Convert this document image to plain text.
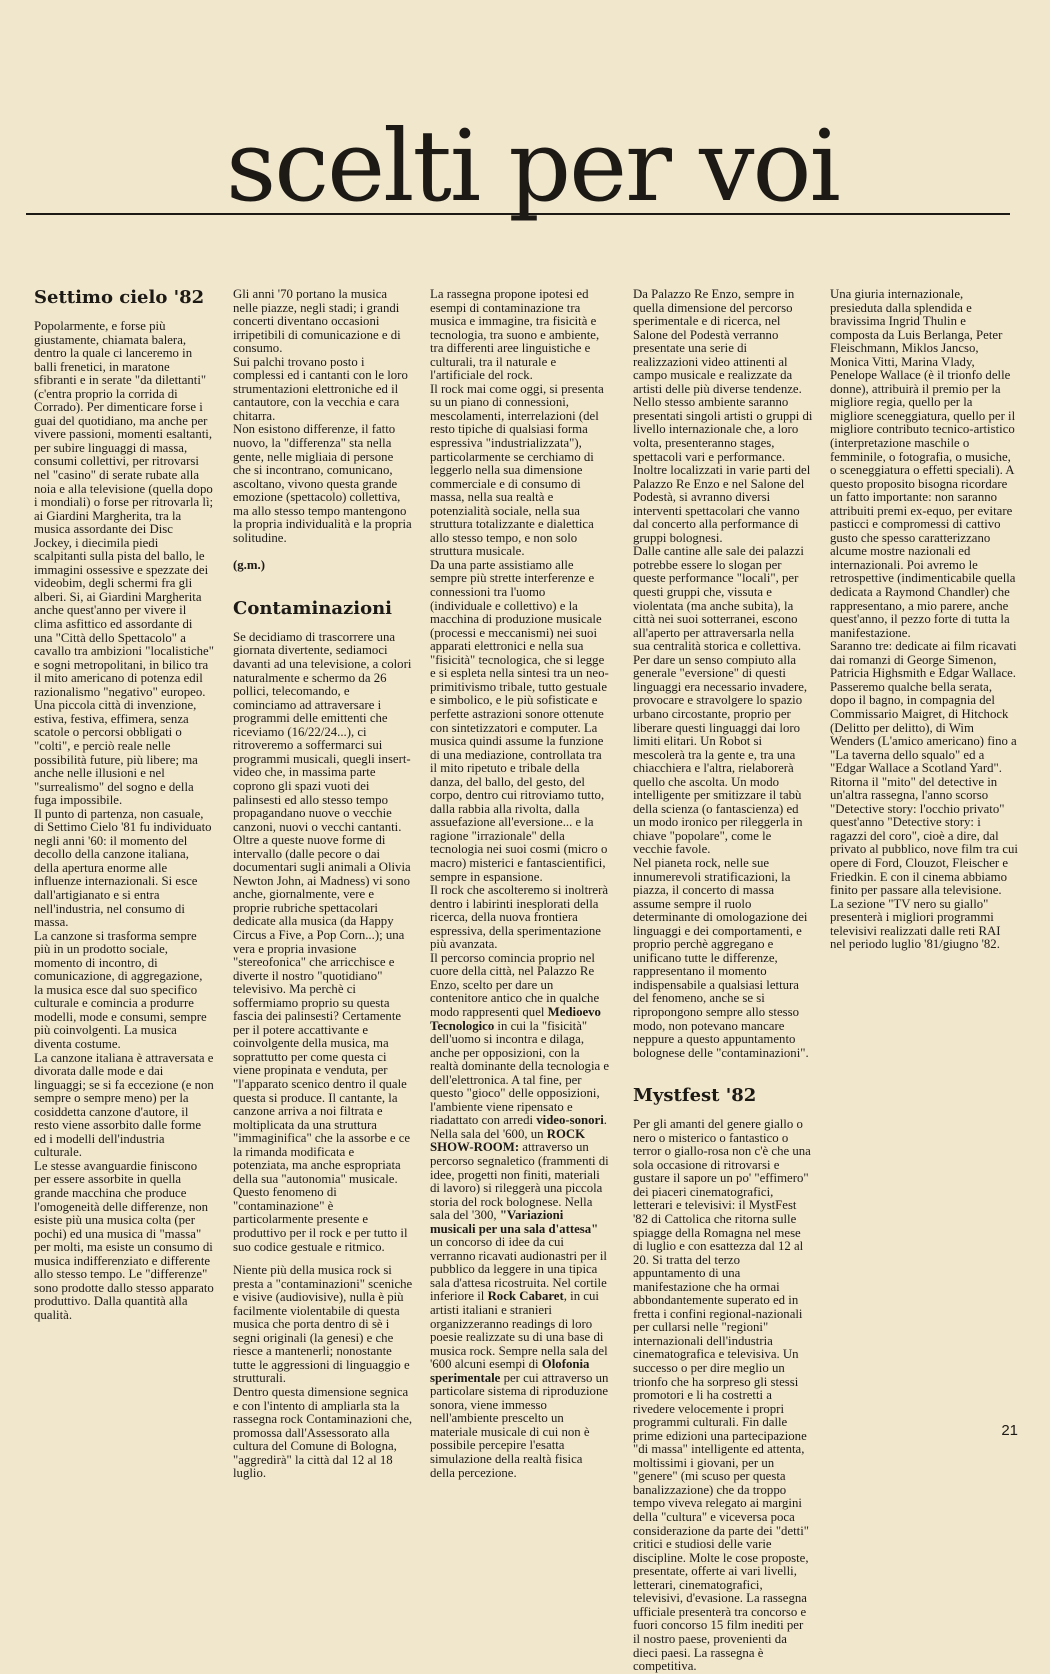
scelti per voi
Settimo cielo '82

Popolarmente, e forse più giustamente, chiamata balera, dentro la quale ci lanceremo in balli frenetici, in maratone sfibranti e in serate "da dilettanti" (c'entra proprio la corrida di Corrado). Per dimenticare forse i guai del quotidiano, ma anche per vivere passioni, momenti esaltanti, per subire linguaggi di massa, consumi collettivi, per ritrovarsi nel "casino" di serate rubate alla noia e alla televisione (quella dopo i mondiali) o forse per ritrovarla lì; ai Giardini Margherita, tra la musica assordante dei Disc Jockey, i diecimila piedi scalpitanti sulla pista del ballo, le immagini ossessive e spezzate dei videobim, degli schermi fra gli alberi. Si, ai Giardini Margherita anche quest'anno per vivere il clima asfittico ed assordante di una "Città dello Spettacolo" a cavallo tra ambizioni "localistiche" e sogni metropolitani, in bilico tra il mito americano di potenza edil razionalismo "negativo" europeo.

Una piccola città di invenzione, estiva, festiva, effimera, senza scatole o percorsi obbligati o "colti", e perciò reale nelle possibilità future, più libere; ma anche nelle illusioni e nel "surrealismo" del sogno e della fuga impossibile.

Il punto di partenza, non casuale, di Settimo Cielo '81 fu individuato negli anni '60: il momento del decollo della canzone italiana, della apertura enorme alle influenze internazionali. Si esce dall'artigianato e si entra nell'industria, nel consumo di massa.

La canzone si trasforma sempre più in un prodotto sociale, momento di incontro, di comunicazione, di aggregazione, la musica esce dal suo specifico culturale e comincia a produrre modelli, mode e consumi, sempre più coinvolgenti. La musica diventa costume.

La canzone italiana è attraversata e divorata dalle mode e dai linguaggi; se si fa eccezione (e non sempre o sempre meno) per la cosiddetta canzone d'autore, il resto viene assorbito dalle forme ed i modelli dell'industria culturale.

Le stesse avanguardie finiscono per essere assorbite in quella grande macchina che produce l'omogeneità delle differenze, non esiste più una musica colta (per pochi) ed una musica di "massa" per molti, ma esiste un consumo di musica indifferenziato e differente allo stesso tempo. Le "differenze" sono prodotte dallo stesso apparato produttivo. Dalla quantità alla qualità.

Gli anni '70 portano la musica nelle piazze, negli stadi; i grandi concerti diventano occasioni irripetibili di comunicazione e di consumo.

Sui palchi trovano posto i complessi ed i cantanti con le loro strumentazioni elettroniche ed il cantautore, con la vecchia e cara chitarra.

Non esistono differenze, il fatto nuovo, la "differenza" sta nella gente, nelle migliaia di persone che si incontrano, comunicano, ascoltano, vivono questa grande emozione (spettacolo) collettiva, ma allo stesso tempo mantengono la propria individualità e la propria solitudine.

(g.m.)

Contaminazioni

Se decidiamo di trascorrere una giornata divertente, sediamoci davanti ad una televisione, a colori naturalmente e schermo da 26 pollici, telecomando, e cominciamo ad attraversare i programmi delle emittenti che riceviamo (16/22/24...), ci ritroveremo a soffermarci sui programmi musicali, quegli insert-video che, in massima parte coprono gli spazi vuoti dei palinsesti ed allo stesso tempo propagandano nuove o vecchie canzoni, nuovi o vecchi cantanti.

Oltre a queste nuove forme di intervallo (dalle pecore o dai documentari sugli animali a Olivia Newton John, ai Madness) vi sono anche, giornalmente, vere e proprie rubriche spettacolari dedicate alla musica (da Happy Circus a Five, a Pop Corn...); una vera e propria invasione "stereofonica" che arricchisce e diverte il nostro "quotidiano" televisivo. Ma perchè ci soffermiamo proprio su questa fascia dei palinsesti? Certamente per il potere accattivante e coinvolgente della musica, ma soprattutto per come questa ci viene propinata e venduta, per "l'apparato scenico dentro il quale questa si produce. Il cantante, la canzone arriva a noi filtrata e moltiplicata da una struttura "immaginifica" che la assorbe e ce la rimanda modificata e potenziata, ma anche espropriata della sua "autonomia" musicale.

Questo fenomeno di "contaminazione" è particolarmente presente e produttivo per il rock e per tutto il suo codice gestuale e ritmico.

Niente più della musica rock si presta a "contaminazioni" sceniche e visive (audiovisive), nulla è più facilmente violentabile di questa musica che porta dentro di sè i segni originali (la genesi) e che riesce a mantenerli; nonostante tutte le aggressioni di linguaggio e strutturali.

Dentro questa dimensione segnica e con l'intento di ampliarla sta la rassegna rock Contaminazioni che, promossa dall'Assessorato alla cultura del Comune di Bologna, "aggredirà" la città dal 12 al 18 luglio.

La rassegna propone ipotesi ed esempi di contaminazione tra musica e immagine, tra fisicità e tecnologia, tra suono e ambiente, tra differenti aree linguistiche e culturali, tra il naturale e l'artificiale del rock.

Il rock mai come oggi, si presenta su un piano di connessioni, mescolamenti, interrelazioni (del resto tipiche di qualsiasi forma espressiva "industrializzata"), particolarmente se cerchiamo di leggerlo nella sua dimensione commerciale e di consumo di massa, nella sua realtà e potenzialità sociale, nella sua struttura totalizzante e dialettica allo stesso tempo, e non solo struttura musicale.

Da una parte assistiamo alle sempre più strette interferenze e connessioni tra l'uomo (individuale e collettivo) e la macchina di produzione musicale (processi e meccanismi) nei suoi apparati elettronici e nella sua "fisicità" tecnologica, che si legge e si espleta nella sintesi tra un neo-primitivismo tribale, tutto gestuale e simbolico, e le più sofisticate e perfette astrazioni sonore ottenute con sintetizzatori e computer. La musica quindi assume la funzione di una mediazione, controllata tra il mito ripetuto e tribale della danza, del ballo, del gesto, del corpo, dentro cui ritroviamo tutto, dalla rabbia alla rivolta, dalla assuefazione all'eversione... e la ragione "irrazionale" della tecnologia nei suoi cosmi (micro o macro) misterici e fantascientifici, sempre in espansione.

Il rock che ascolteremo si inoltrerà dentro i labirinti inesplorati della ricerca, della nuova frontiera espressiva, della sperimentazione più avanzata.

Il percorso comincia proprio nel cuore della città, nel Palazzo Re Enzo, scelto per dare un contenitore antico che in qualche modo rappresenti quel Medioevo Tecnologico in cui la "fisicità" dell'uomo si incontra e dilaga, anche per opposizioni, con la realtà dominante della tecnologia e dell'elettronica. A tal fine, per questo "gioco" delle opposizioni, l'ambiente viene ripensato e riadattato con arredi video-sonori. Nella sala del '600, un ROCK SHOW-ROOM: attraverso un percorso segnaletico (frammenti di idee, progetti non finiti, materiali di lavoro) si rileggerà una piccola storia del rock bolognese. Nella sala del '300, "Variazioni musicali per una sala d'attesa" un concorso di idee da cui verranno ricavati audionastri per il pubblico da leggere in una tipica sala d'attesa ricostruita. Nel cortile inferiore il Rock Cabaret, in cui artisti italiani e stranieri organizzeranno readings di loro poesie realizzate su di una base di musica rock. Sempre nella sala del '600 alcuni esempi di Olofonia sperimentale per cui attraverso un particolare sistema di riproduzione sonora, viene immesso nell'ambiente prescelto un materiale musicale di cui non è possibile percepire l'esatta simulazione della realtà fisica della percezione.

Da Palazzo Re Enzo, sempre in quella dimensione del percorso sperimentale e di ricerca, nel Salone del Podestà verranno presentate una serie di realizzazioni video attinenti al campo musicale e realizzate da artisti delle più diverse tendenze.

Nello stesso ambiente saranno presentati singoli artisti o gruppi di livello internazionale che, a loro volta, presenteranno stages, spettacoli vari e performance.

Inoltre localizzati in varie parti del Palazzo Re Enzo e nel Salone del Podestà, si avranno diversi interventi spettacolari che vanno dal concerto alla performance di gruppi bolognesi.

Dalle cantine alle sale dei palazzi potrebbe essere lo slogan per queste performance "locali", per questi gruppi che, vissuta e violentata (ma anche subita), la città nei suoi sotterranei, escono all'aperto per attraversarla nella sua centralità storica e collettiva.

Per dare un senso compiuto alla generale "eversione" di questi linguaggi era necessario invadere, provocare e stravolgere lo spazio urbano circostante, proprio per liberare questi linguaggi dai loro limiti elitari. Un Robot si mescolerà tra la gente e, tra una chiacchiera e l'altra, rielaborerà quello che ascolta. Un modo intelligente per smitizzare il tabù della scienza (o fantascienza) ed un modo ironico per rileggerla in chiave "popolare", come le vecchie favole.

Nel pianeta rock, nelle sue innumerevoli stratificazioni, la piazza, il concerto di massa assume sempre il ruolo determinante di omologazione dei linguaggi e dei comportamenti, e proprio perchè aggregano e unificano tutte le differenze, rappresentano il momento indispensabile a qualsiasi lettura del fenomeno, anche se si ripropongono sempre allo stesso modo, non potevano mancare neppure a questo appuntamento bolognese delle "contaminazioni".

Mystfest '82

Per gli amanti del genere giallo o nero o misterico o fantastico o terror o giallo-rosa non c'è che una sola occasione di ritrovarsi e gustare il sapore un po' "effimero" dei piaceri cinematografici, letterari e televisivi: il MystFest '82 di Cattolica che ritorna sulle spiagge della Romagna nel mese di luglio e con esattezza dal 12 al 20. Si tratta del terzo appuntamento di una manifestazione che ha ormai abbondantemente superato ed in fretta i confini regional-nazionali per cullarsi nelle "regioni" internazionali dell'industria cinematografica e televisiva. Un successo o per dire meglio un trionfo che ha sorpreso gli stessi promotori e li ha costretti a rivedere velocemente i propri programmi culturali. Fin dalle prime edizioni una partecipazione "di massa" intelligente ed attenta, moltissimi i giovani, per un "genere" (mi scuso per questa banalizzazione) che da troppo tempo viveva relegato ai margini della "cultura" e viceversa poca considerazione da parte dei "detti" critici e studiosi delle varie discipline. Molte le cose proposte, presentate, offerte ai vari livelli, letterari, cinematografici, televisivi, d'evasione. La rassegna ufficiale presenterà tra concorso e fuori concorso 15 film inediti per il nostro paese, provenienti da dieci paesi. La rassegna è competitiva.

Una giuria internazionale, presieduta dalla splendida e bravissima Ingrid Thulin e composta da Luis Berlanga, Peter Fleischmann, Miklos Jancso, Monica Vitti, Marina Vlady, Penelope Wallace (è il trionfo delle donne), attribuirà il premio per la migliore regia, quello per la migliore sceneggiatura, quello per il migliore contributo tecnico-artistico (interpretazione maschile o femminile, o fotografia, o musiche, o sceneggiatura o effetti speciali). A questo proposito bisogna ricordare un fatto importante: non saranno attribuiti premi ex-equo, per evitare pasticci e compromessi di cattivo gusto che spesso caratterizzano alcume mostre nazionali ed internazionali. Poi avremo le retrospettive (indimenticabile quella dedicata a Raymond Chandler) che rappresentano, a mio parere, anche quest'anno, il pezzo forte di tutta la manifestazione.

Saranno tre: dedicate ai film ricavati dai romanzi di George Simenon, Patricia Highsmith e Edgar Wallace. Passeremo qualche bella serata, dopo il bagno, in compagnia del Commissario Maigret, di Hitchock (Delitto per delitto), di Wim Wenders (L'amico americano) fino a "La taverna dello squalo" ed a "Edgar Wallace a Scotland Yard".

Ritorna il "mito" del detective in un'altra rassegna, l'anno scorso "Detective story: l'occhio privato" quest'anno "Detective story: i ragazzi del coro", cioè a dire, dal privato al pubblico, nove film tra cui opere di Ford, Clouzot, Fleischer e Friedkin. E con il cinema abbiamo finito per passare alla televisione.

La sezione "TV nero su giallo" presenterà i migliori programmi televisivi realizzati dalle reti RAI nel periodo luglio '81/giugno '82.

21
